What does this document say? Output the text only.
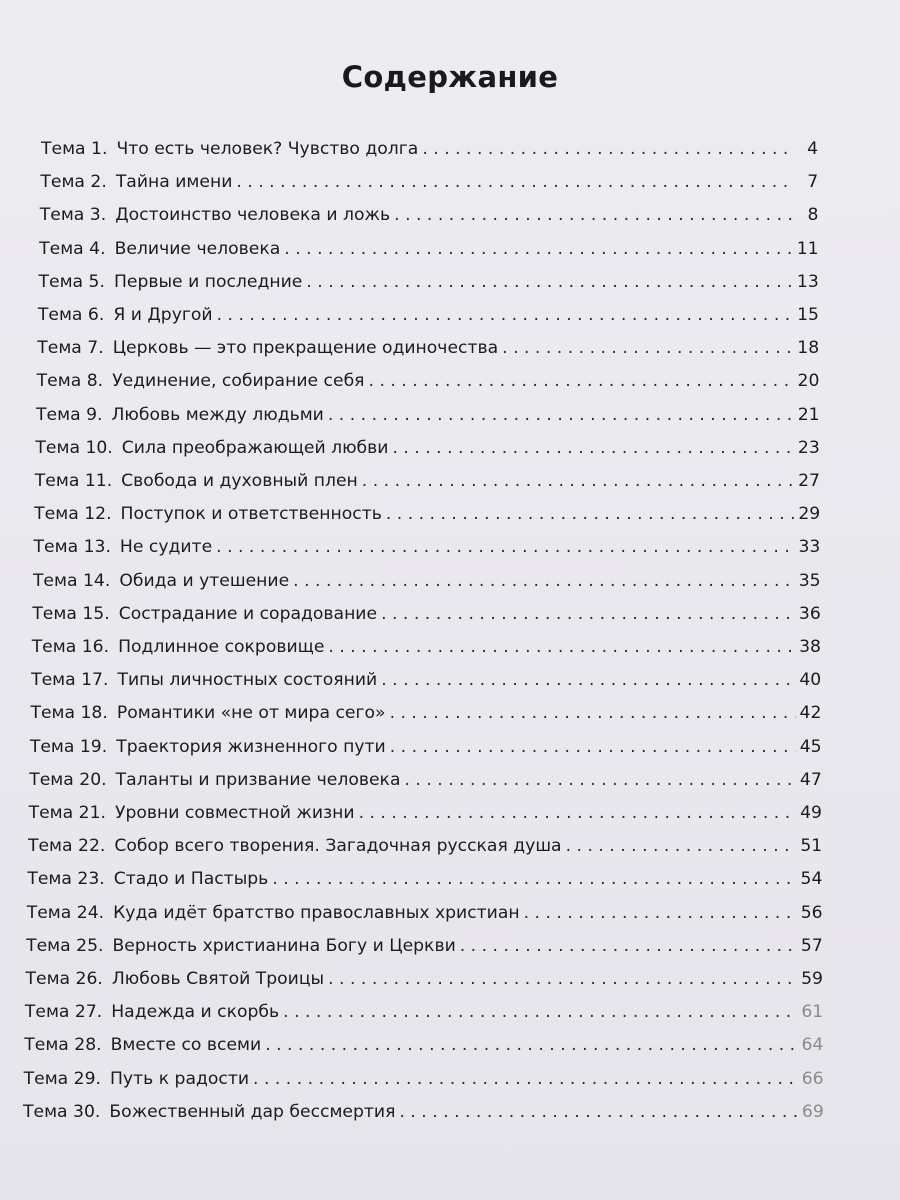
Содержание
Тема 1. Что есть человек? Чувство долга . . .	4
Тема 2. Тайна имени . . .	7
Тема 3. Достоинство человека и ложь . . .	8
Тема 4. Величие человека . . .	11
Тема 5. Первые и последние . . .	13
Тема 6. Я и Другой . . .	15
Тема 7. Церковь — это прекращение одиночества . . .	18
Тема 8. Уединение, собирание себя . . .	20
Тема 9. Любовь между людьми . . .	21
Тема 10. Сила преображающей любви . . .	23
Тема 11. Свобода и духовный плен . . .	27
Тема 12. Поступок и ответственность . . .	29
Тема 13. Не судите . . .	33
Тема 14. Обида и утешение . . .	35
Тема 15. Сострадание и сорадование . . .	36
Тема 16. Подлинное сокровище . . .	38
Тема 17. Типы личностных состояний . . .	40
Тема 18. Романтики «не от мира сего» . . .	42
Тема 19. Траектория жизненного пути . . .	45
Тема 20. Таланты и призвание человека . . .	47
Тема 21. Уровни совместной жизни . . .	49
Тема 22. Собор всего творения. Загадочная русская душа . . .	51
Тема 23. Стадо и Пастырь . . .	54
Тема 24. Куда идёт братство православных христиан . . .	56
Тема 25. Верность христианина Богу и Церкви . . .	57
Тема 26. Любовь Святой Троицы . . .	59
Тема 27. Надежда и скорбь . . .	61
Тема 28. Вместе со всеми . . .	64
Тема 29. Путь к радости . . .	66
Тема 30. Божественный дар бессмертия . . .	69
